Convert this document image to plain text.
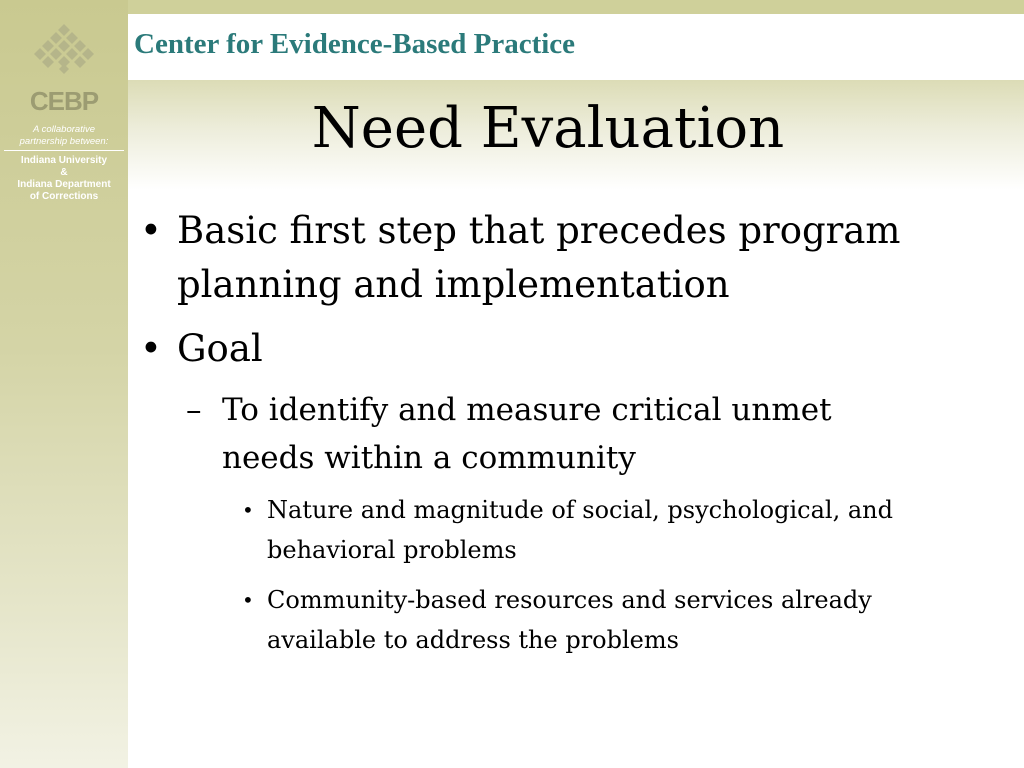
Center for Evidence-Based Practice
CEBP
A collaborative
partnership between:
Indiana University
&
Indiana Department
of Corrections
Need Evaluation
• Basic first step that precedes program planning and implementation
• Goal
– To identify and measure critical unmet needs within a community
• Nature and magnitude of social, psychological, and behavioral problems
• Community-based resources and services already available to address the problems
